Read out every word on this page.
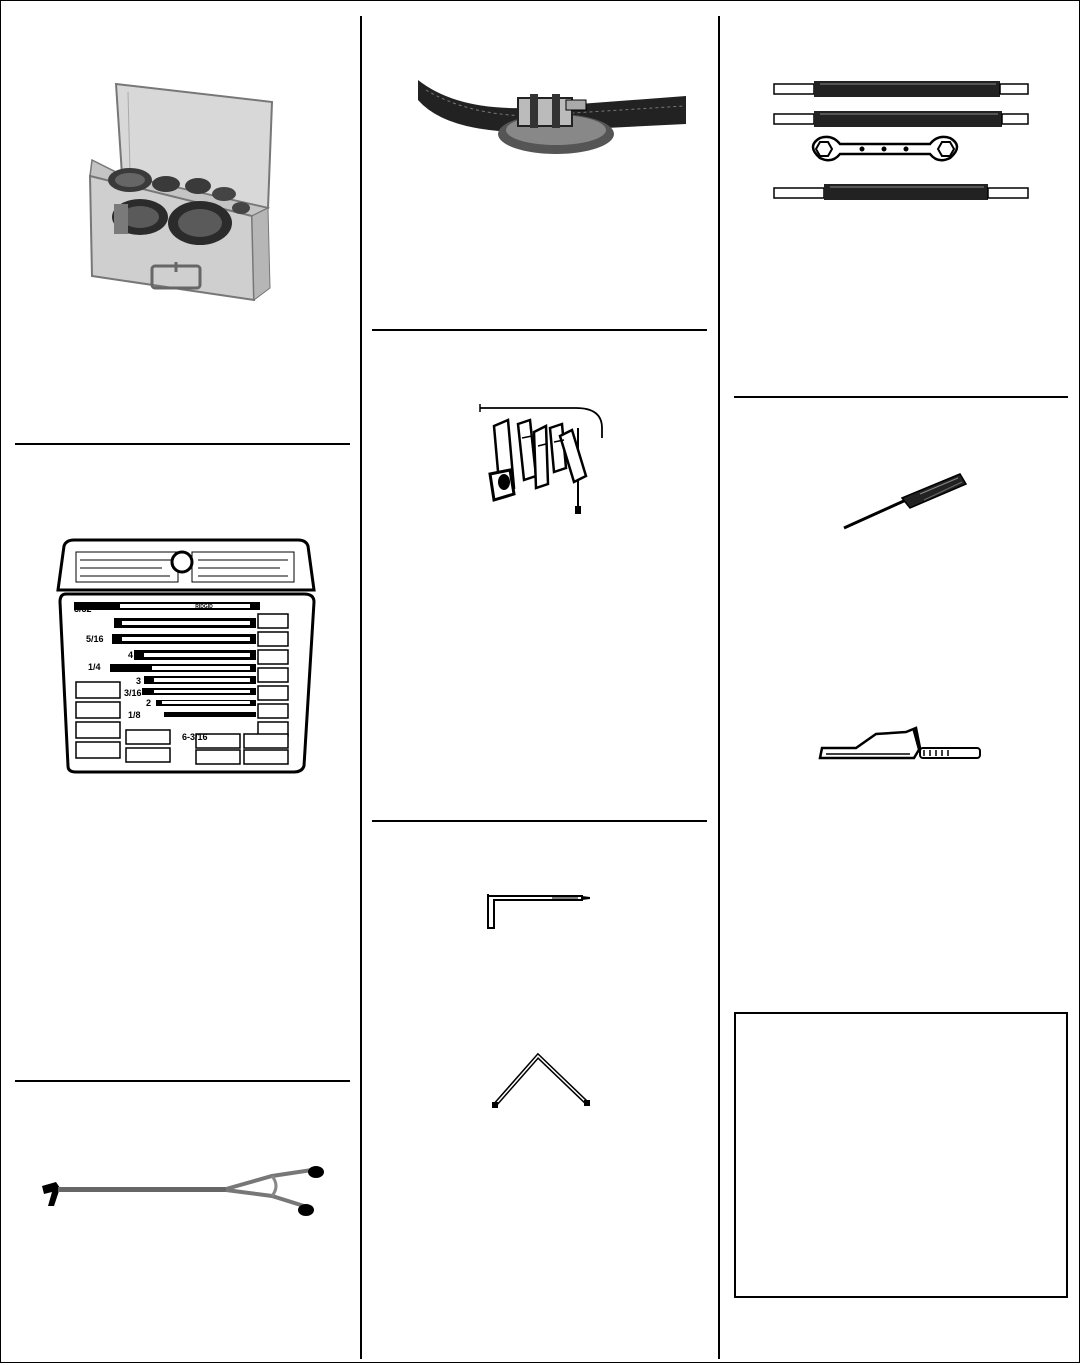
RIDGID
3/32
5
5/16
4
1/4
3
3/16
2
1/8
6-3/16
